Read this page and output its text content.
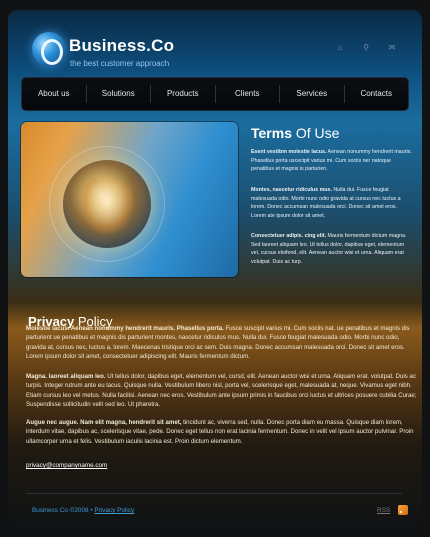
Business.Co
the best customer approach
⌂	⚲ ✉
About us	Solutions	Products	Clients	Services	Contacts
Terms Of Use
Esent vestibm molestie lacus. Aenean nonummy hendrerit mauris. Phasellus porta uscecipit varius mi. Cum sociis ner natoque penatibus et magnis is parturien.
Montes, nascetur ridiculus mus. Nulla dui. Fusce feugiat malesuada odio. Morbi nunc odio gravida at cursus nec luctus a lorem. Donec accumsan malesuada orci. Donec sit amet eros. Lorem ate ipsum dolor sit amet.
Consectetuer adipis. cing elit. Mauris fermentum dictum magna. Sed laoreet aliquam leo. Ut tellus dolor, dapibus eget, elementum vel, cursus eleifend, elit. Aenean auctor wisi et urna. Aliquam erat volutpat. Duis ac turp.
Privacy Policy
Molestie lacus. Aenean nonummy hendrerit mauris. Phasellus porta. Fusce suscipit varius mi. Cum sociis nat. ue penatibus et magnis dis parturient ue penatibus et magnis dis parturient montes, nascetur ridiculus mus. Nulla dui. Fusce feugiat malesuada odio. Morbi nunc odio, gravida at, cursus nec, luctus a, lorem. Maecenas tristique orci ac sem. Duis magna. Donec accumsan malesuada orci. Donec sit amet eros. Lorem ipsum dolor sit amet, consectetuer adipiscing elit. Mauris fermentum dictum.
Magna. laoreet aliquam leo. Ut tellus dolor, dapibus eget, elementum vel, cursd, elit. Aenean auctor wisi et urna. Aliquam erat. volutpat. Duis ac turpis. Integer rutrum ante eu lacus. Quisque nulla. Vestibulum libero nisl, porta vel, scelerisque eget, malesuada at, neque. Vivamus eget nibh. Etiam cursus leo vel metus. Nulla facilisi. Aenean nec eros. Vestibulum ante ipsum primis in faucibus orci luctus et ultrices posuere cubilia Curae; Suspendisse sollicitudin velit sed leo. Ut pharetra.
Augue nec augue. Nam elit magna, hendrerit sit amet, tincidunt ac, viverra sed, nulla. Donec porta diam eu massa. Quisque diam lorem, interdum vitae, dapibus ac, scelerisque vitae, pede. Donec eget tellus non erat lacinia fermentum. Donec in velit vel ipsum auctor pulvinar. Proin ullamcorper urna et felis. Vestibulum iaculis lacinia est. Proin dictum elementum.
privacy@companyname.com
Business Co ©2008 • Privacy Policy	RSS
